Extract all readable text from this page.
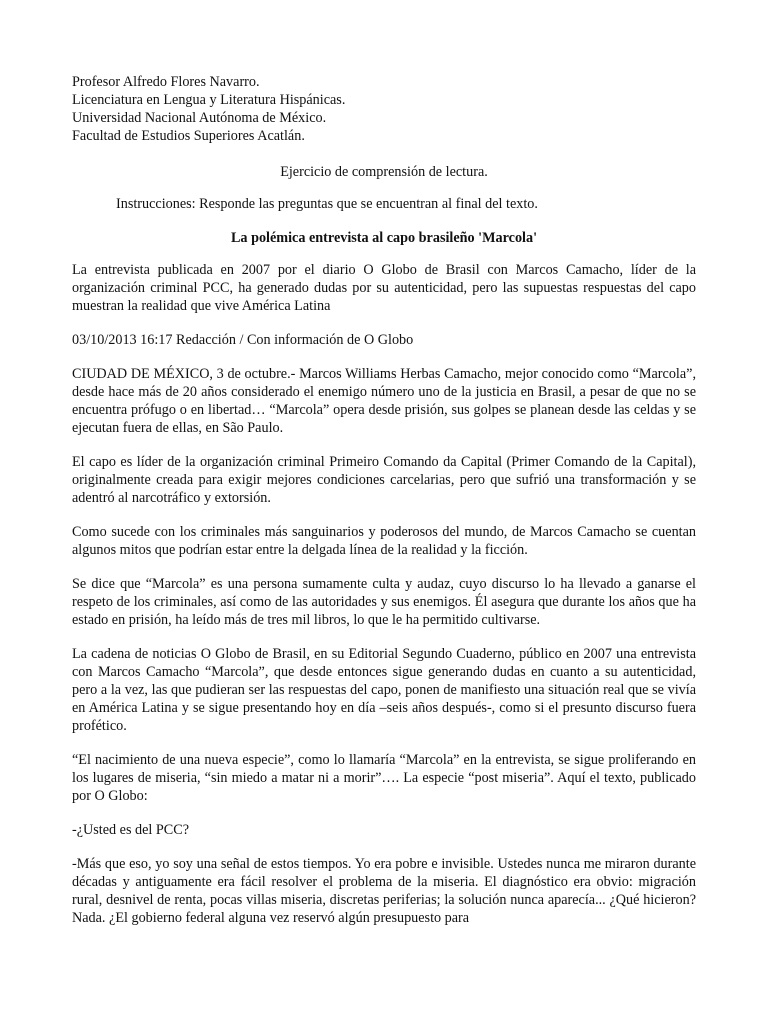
Profesor Alfredo Flores Navarro.

Licenciatura en Lengua y Literatura Hispánicas.

Universidad Nacional Autónoma de México.

Facultad de Estudios Superiores Acatlán.

Ejercicio de comprensión de lectura.

Instrucciones: Responde las preguntas que se encuentran al final del texto.

La polémica entrevista al capo brasileño 'Marcola'

La entrevista publicada en 2007 por el diario O Globo de Brasil con Marcos Camacho, líder de la organización criminal PCC, ha generado dudas por su autenticidad, pero las supuestas respuestas del capo muestran la realidad que vive América Latina

03/10/2013 16:17 Redacción / Con información de O Globo

CIUDAD DE MÉXICO, 3 de octubre.- Marcos Williams Herbas Camacho, mejor conocido como “Marcola”, desde hace más de 20 años considerado el enemigo número uno de la justicia en Brasil, a pesar de que no se encuentra prófugo o en libertad… “Marcola” opera desde prisión, sus golpes se planean desde las celdas y se ejecutan fuera de ellas, en São Paulo.

El capo es líder de la organización criminal Primeiro Comando da Capital (Primer Comando de la Capital), originalmente creada para exigir mejores condiciones carcelarias, pero que sufrió una transformación y se adentró al narcotráfico y extorsión.

Como sucede con los criminales más sanguinarios y poderosos del mundo, de Marcos Camacho se cuentan algunos mitos que podrían estar entre la delgada línea de la realidad y la ficción.

Se dice que “Marcola” es una persona sumamente culta y audaz, cuyo discurso lo ha llevado a ganarse el respeto de los criminales, así como de las autoridades y sus enemigos. Él asegura que durante los años que ha estado en prisión, ha leído más de tres mil libros, lo que le ha permitido cultivarse.

La cadena de noticias O Globo de Brasil, en su Editorial Segundo Cuaderno, público en 2007 una entrevista con Marcos Camacho “Marcola”, que desde entonces sigue generando dudas en cuanto a su autenticidad, pero a la vez, las que pudieran ser las respuestas del capo, ponen de manifiesto una situación real que se vivía en América Latina y se sigue presentando hoy en día –seis años después-, como si el presunto discurso fuera profético.

“El nacimiento de una nueva especie”, como lo llamaría “Marcola” en la entrevista, se sigue proliferando en los lugares de miseria, “sin miedo a matar ni a morir”…. La especie “post miseria”. Aquí el texto, publicado por O Globo:

-¿Usted es del PCC?

-Más que eso, yo soy una señal de estos tiempos. Yo era pobre e invisible. Ustedes nunca me miraron durante décadas y antiguamente era fácil resolver el problema de la miseria. El diagnóstico era obvio: migración rural, desnivel de renta, pocas villas miseria, discretas periferias; la solución nunca aparecía... ¿Qué hicieron? Nada. ¿El gobierno federal alguna vez reservó algún presupuesto para
